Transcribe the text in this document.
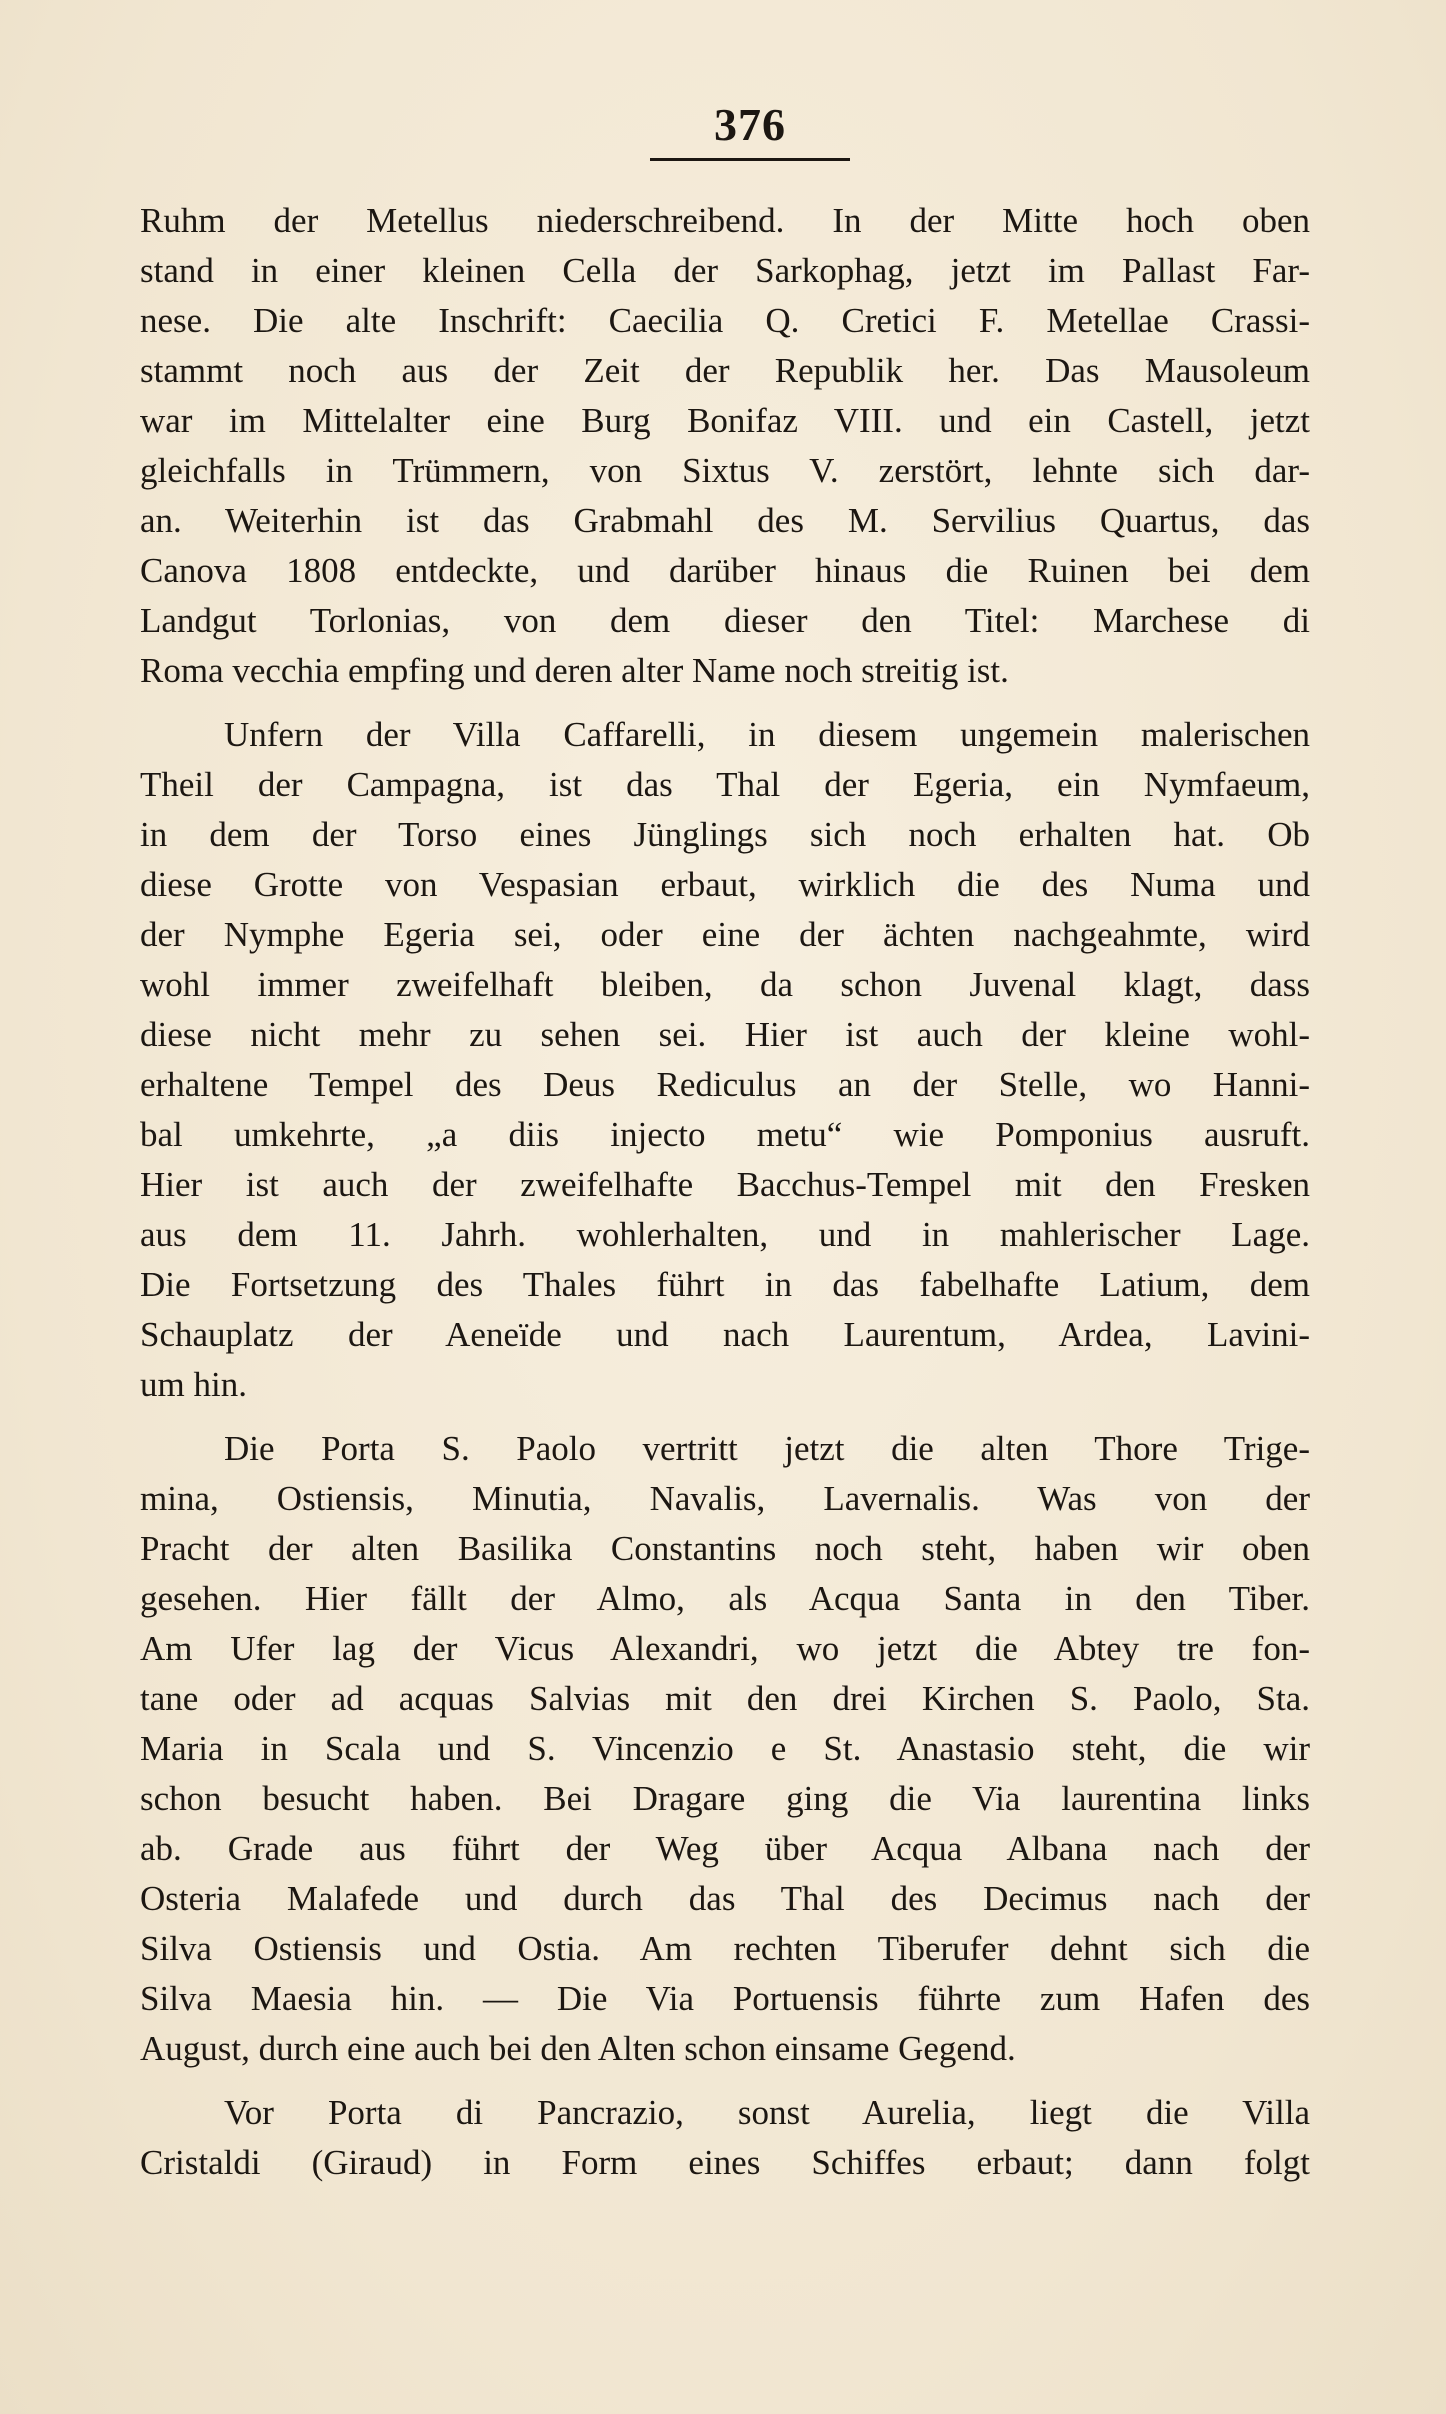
376
Ruhm der Metellus niederschreibend. In der Mitte hoch oben
stand in einer kleinen Cella der Sarkophag, jetzt im Pallast Far-
nese. Die alte Inschrift: Caecilia Q. Cretici F. Metellae Crassi-
stammt noch aus der Zeit der Republik her. Das Mausoleum
war im Mittelalter eine Burg Bonifaz VIII. und ein Castell, jetzt
gleichfalls in Trümmern, von Sixtus V. zerstört, lehnte sich dar-
an. Weiterhin ist das Grabmahl des M. Servilius Quartus, das
Canova 1808 entdeckte, und darüber hinaus die Ruinen bei dem
Landgut Torlonias, von dem dieser den Titel: Marchese di
Roma vecchia empfing und deren alter Name noch streitig ist.
Unfern der Villa Caffarelli, in diesem ungemein malerischen
Theil der Campagna, ist das Thal der Egeria, ein Nymfaeum,
in dem der Torso eines Jünglings sich noch erhalten hat. Ob
diese Grotte von Vespasian erbaut, wirklich die des Numa und
der Nymphe Egeria sei, oder eine der ächten nachgeahmte, wird
wohl immer zweifelhaft bleiben, da schon Juvenal klagt, dass
diese nicht mehr zu sehen sei. Hier ist auch der kleine wohl-
erhaltene Tempel des Deus Rediculus an der Stelle, wo Hanni-
bal umkehrte, „a diis injecto metu“ wie Pomponius ausruft.
Hier ist auch der zweifelhafte Bacchus-Tempel mit den Fresken
aus dem 11. Jahrh. wohlerhalten, und in mahlerischer Lage.
Die Fortsetzung des Thales führt in das fabelhafte Latium, dem
Schauplatz der Aeneïde und nach Laurentum, Ardea, Lavini-
um hin.
Die Porta S. Paolo vertritt jetzt die alten Thore Trige-
mina, Ostiensis, Minutia, Navalis, Lavernalis. Was von der
Pracht der alten Basilika Constantins noch steht, haben wir oben
gesehen. Hier fällt der Almo, als Acqua Santa in den Tiber.
Am Ufer lag der Vicus Alexandri, wo jetzt die Abtey tre fon-
tane oder ad acquas Salvias mit den drei Kirchen S. Paolo, Sta.
Maria in Scala und S. Vincenzio e St. Anastasio steht, die wir
schon besucht haben. Bei Dragare ging die Via laurentina links
ab. Grade aus führt der Weg über Acqua Albana nach der
Osteria Malafede und durch das Thal des Decimus nach der
Silva Ostiensis und Ostia. Am rechten Tiberufer dehnt sich die
Silva Maesia hin. — Die Via Portuensis führte zum Hafen des
August, durch eine auch bei den Alten schon einsame Gegend.
Vor Porta di Pancrazio, sonst Aurelia, liegt die Villa
Cristaldi (Giraud) in Form eines Schiffes erbaut; dann folgt
